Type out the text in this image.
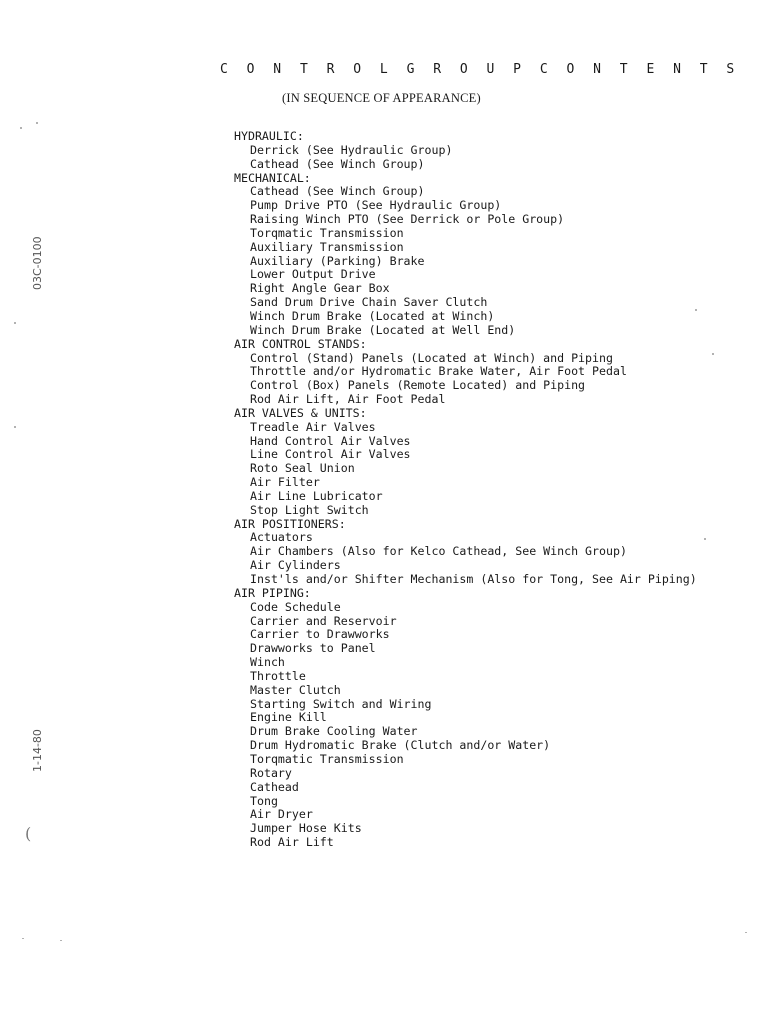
C O N T R O L G R O U P C O N T E N T S
(IN SEQUENCE OF APPEARANCE)
HYDRAULIC:
Derrick (See Hydraulic Group)
Cathead (See Winch Group)
MECHANICAL:
Cathead (See Winch Group)
Pump Drive PTO (See Hydraulic Group)
Raising Winch PTO (See Derrick or Pole Group)
Torqmatic Transmission
Auxiliary Transmission
Auxiliary (Parking) Brake
Lower Output Drive
Right Angle Gear Box
Sand Drum Drive Chain Saver Clutch
Winch Drum Brake (Located at Winch)
Winch Drum Brake (Located at Well End)
AIR CONTROL STANDS:
Control (Stand) Panels (Located at Winch) and Piping
Throttle and/or Hydromatic Brake Water, Air Foot Pedal
Control (Box) Panels (Remote Located) and Piping
Rod Air Lift, Air Foot Pedal
AIR VALVES & UNITS:
Treadle Air Valves
Hand Control Air Valves
Line Control Air Valves
Roto Seal Union
Air Filter
Air Line Lubricator
Stop Light Switch
AIR POSITIONERS:
Actuators
Air Chambers (Also for Kelco Cathead, See Winch Group)
Air Cylinders
Inst'ls and/or Shifter Mechanism (Also for Tong, See Air Piping)
AIR PIPING:
Code Schedule
Carrier and Reservoir
Carrier to Drawworks
Drawworks to Panel
Winch
Throttle
Master Clutch
Starting Switch and Wiring
Engine Kill
Drum Brake Cooling Water
Drum Hydromatic Brake (Clutch and/or Water)
Torqmatic Transmission
Rotary
Cathead
Tong
Air Dryer
Jumper Hose Kits
Rod Air Lift
03C-0100
1-14-80
(
